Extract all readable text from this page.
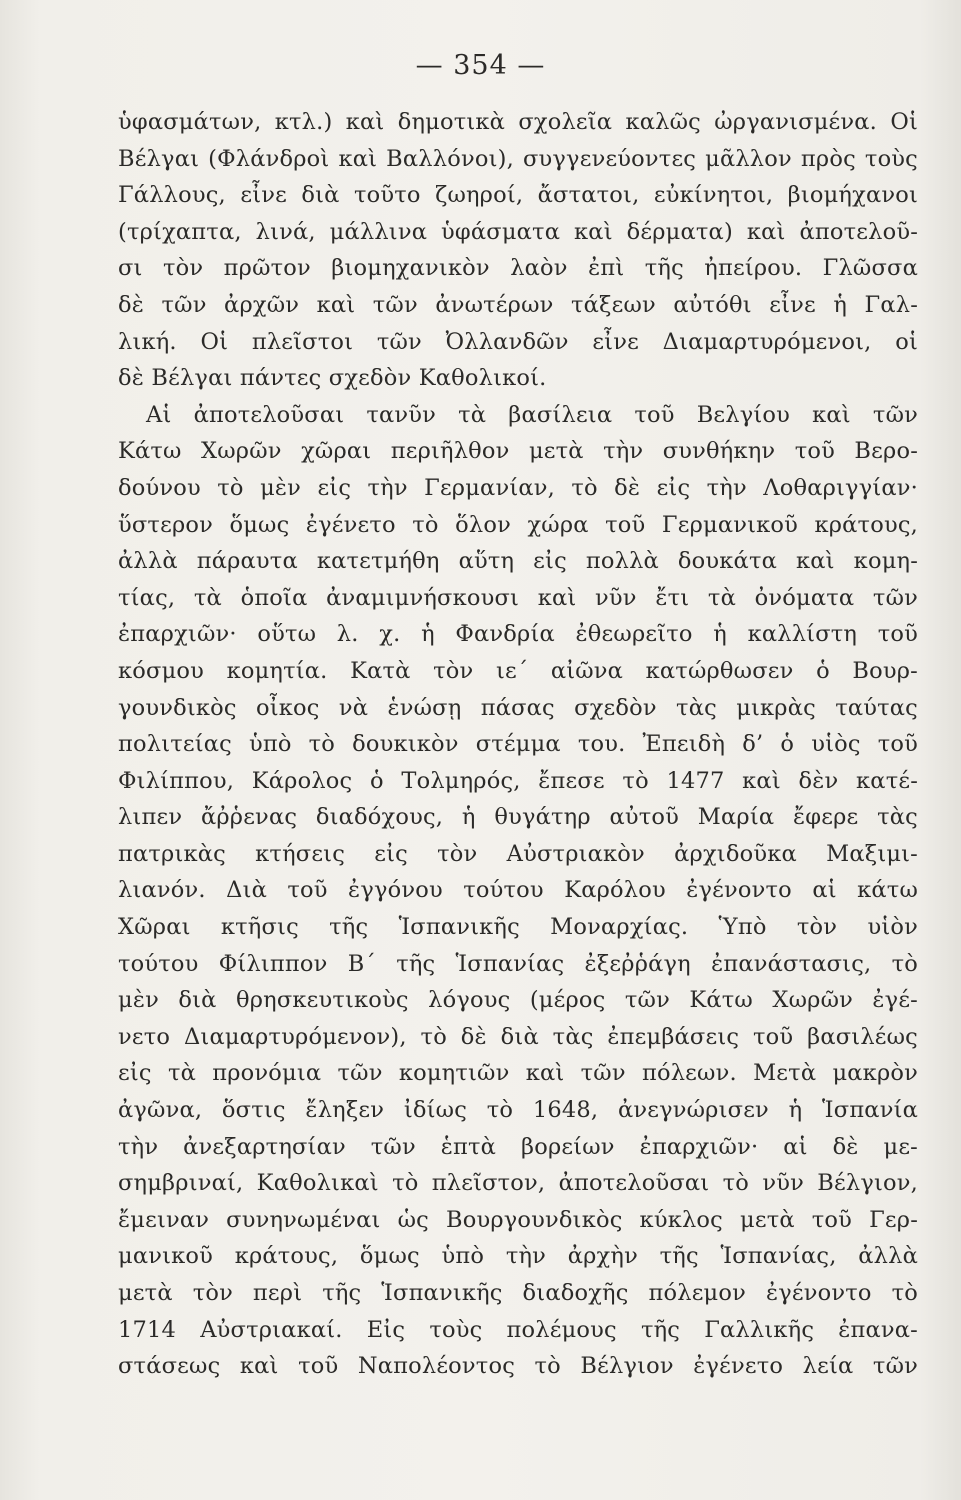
— 354 —
ὑφασμάτων, κτλ.) καὶ δημοτικὰ σχολεῖα καλῶς ὠργανισμένα. Οἱ
Βέλγαι (Φλάνδροὶ καὶ Βαλλόνοι), συγγενεύοντες μᾶλλον πρὸς τοὺς
Γάλλους, εἶνε διὰ τοῦτο ζωηροί, ἄστατοι, εὐκίνητοι, βιομήχανοι
(τρίχαπτα, λινά, μάλλινα ὑφάσματα καὶ δέρματα) καὶ ἀποτελοῦ-
σι τὸν πρῶτον βιομηχανικὸν λαὸν ἐπὶ τῆς ἠπείρου. Γλῶσσα
δὲ τῶν ἀρχῶν καὶ τῶν ἀνωτέρων τάξεων αὐτόθι εἶνε ἡ Γαλ-
λική. Οἱ πλεῖστοι τῶν Ὀλλανδῶν εἶνε Διαμαρτυρόμενοι, οἱ
δὲ Βέλγαι πάντες σχεδὸν Καθολικοί.
Αἱ ἀποτελοῦσαι τανῦν τὰ βασίλεια τοῦ Βελγίου καὶ τῶν
Κάτω Χωρῶν χῶραι περιῆλθον μετὰ τὴν συνθήκην τοῦ Βερο-
δούνου τὸ μὲν εἰς τὴν Γερμανίαν, τὸ δὲ εἰς τὴν Λοθαριγγίαν·
ὕστερον ὅμως ἐγένετο τὸ ὅλον χώρα τοῦ Γερμανικοῦ κράτους,
ἀλλὰ πάραυτα κατετμήθη αὕτη εἰς πολλὰ δουκάτα καὶ κομη-
τίας, τὰ ὁποῖα ἀναμιμνήσκουσι καὶ νῦν ἔτι τὰ ὀνόματα τῶν
ἐπαρχιῶν· οὕτω λ. χ. ἡ Φανδρία ἐθεωρεῖτο ἡ καλλίστη τοῦ
κόσμου κομητία. Κατὰ τὸν ιε΄ αἰῶνα κατώρθωσεν ὁ Βουρ-
γουνδικὸς οἶκος νὰ ἑνώσῃ πάσας σχεδὸν τὰς μικρὰς ταύτας
πολιτείας ὑπὸ τὸ δουκικὸν στέμμα του. Ἐπειδὴ δ’ ὁ υἱὸς τοῦ
Φιλίππου, Κάρολος ὁ Τολμηρός, ἔπεσε τὸ 1477 καὶ δὲν κατέ-
λιπεν ἄῤῥενας διαδόχους, ἡ θυγάτηρ αὐτοῦ Μαρία ἔφερε τὰς
πατρικὰς κτήσεις εἰς τὸν Αὐστριακὸν ἀρχιδοῦκα Μαξιμι-
λιανόν. Διὰ τοῦ ἐγγόνου τούτου Καρόλου ἐγένοντο αἱ κάτω
Χῶραι κτῆσις τῆς Ἱσπανικῆς Μοναρχίας. Ὑπὸ τὸν υἱὸν
τούτου Φίλιππον Β΄ τῆς Ἱσπανίας ἐξεῤῥάγη ἐπανάστασις, τὸ
μὲν διὰ θρησκευτικοὺς λόγους (μέρος τῶν Κάτω Χωρῶν ἐγέ-
νετο Διαμαρτυρόμενον), τὸ δὲ διὰ τὰς ἐπεμβάσεις τοῦ βασιλέως
εἰς τὰ προνόμια τῶν κομητιῶν καὶ τῶν πόλεων. Μετὰ μακρὸν
ἀγῶνα, ὅστις ἔληξεν ἰδίως τὸ 1648, ἀνεγνώρισεν ἡ Ἱσπανία
τὴν ἀνεξαρτησίαν τῶν ἑπτὰ βορείων ἐπαρχιῶν· αἱ δὲ με-
σημβριναί, Καθολικαὶ τὸ πλεῖστον, ἀποτελοῦσαι τὸ νῦν Βέλγιον,
ἔμειναν συνηνωμέναι ὡς Βουργουνδικὸς κύκλος μετὰ τοῦ Γερ-
μανικοῦ κράτους, ὅμως ὑπὸ τὴν ἀρχὴν τῆς Ἱσπανίας, ἀλλὰ
μετὰ τὸν περὶ τῆς Ἱσπανικῆς διαδοχῆς πόλεμον ἐγένοντο τὸ
1714 Αὐστριακαί. Εἰς τοὺς πολέμους τῆς Γαλλικῆς ἐπανα-
στάσεως καὶ τοῦ Ναπολέοντος τὸ Βέλγιον ἐγένετο λεία τῶν
